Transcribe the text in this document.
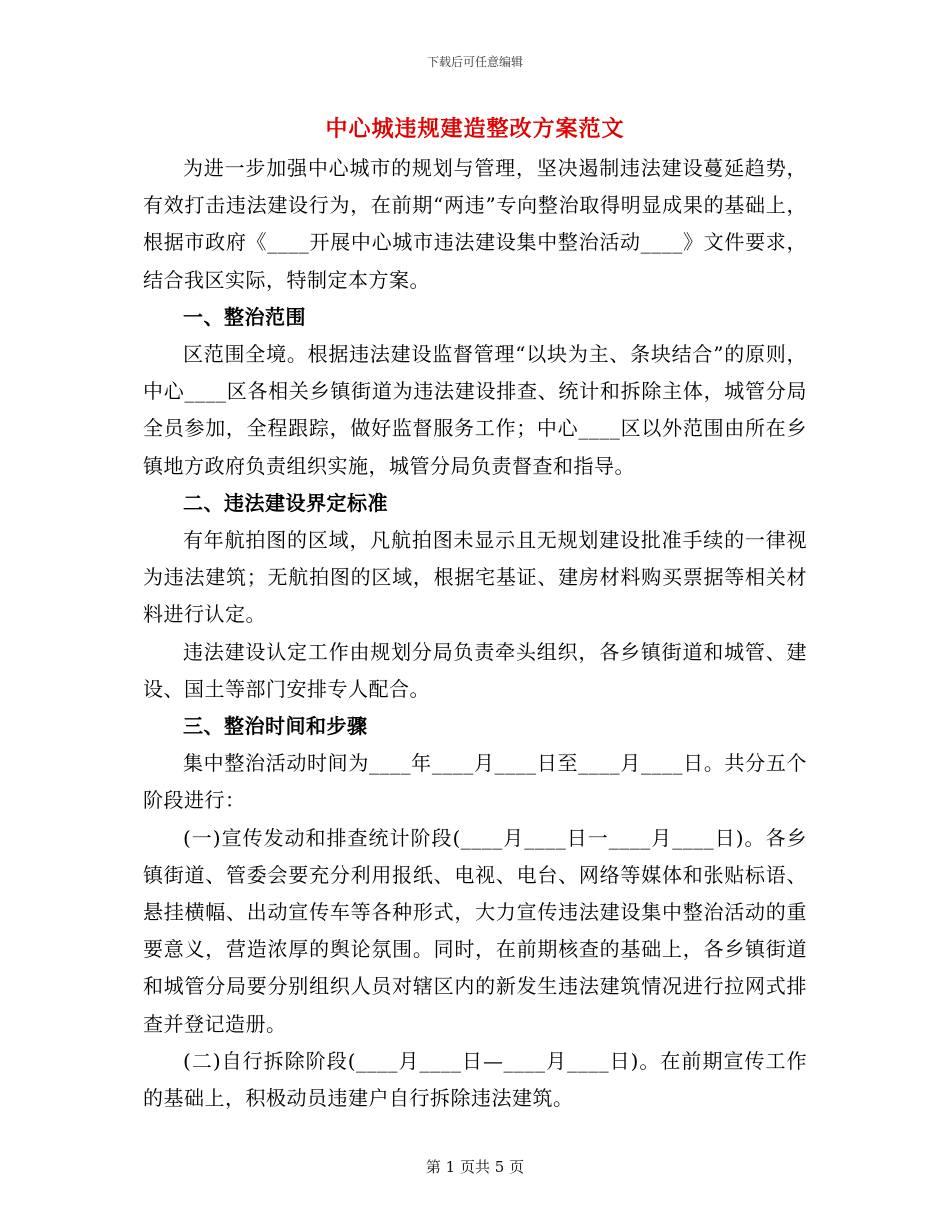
下载后可任意编辑
中心城违规建造整改方案范文

为进一步加强中心城市的规划与管理，坚决遏制违法建设蔓延趋势，有效打击违法建设行为，在前期“两违”专向整治取得明显成果的基础上，根据市政府《____开展中心城市违法建设集中整治活动____》文件要求，结合我区实际，特制定本方案。

一、整治范围

区范围全境。根据违法建设监督管理“以块为主、条块结合”的原则，中心____区各相关乡镇街道为违法建设排查、统计和拆除主体，城管分局全员参加，全程跟踪，做好监督服务工作；中心____区以外范围由所在乡镇地方政府负责组织实施，城管分局负责督查和指导。

二、违法建设界定标准

有年航拍图的区域，凡航拍图未显示且无规划建设批准手续的一律视为违法建筑；无航拍图的区域，根据宅基证、建房材料购买票据等相关材料进行认定。

违法建设认定工作由规划分局负责牵头组织，各乡镇街道和城管、建设、国土等部门安排专人配合。

三、整治时间和步骤

集中整治活动时间为____年____月____日至____月____日。共分五个阶段进行：

(一)宣传发动和排查统计阶段(____月____日一____月____日)。各乡镇街道、管委会要充分利用报纸、电视、电台、网络等媒体和张贴标语、悬挂横幅、出动宣传车等各种形式，大力宣传违法建设集中整治活动的重要意义，营造浓厚的舆论氛围。同时，在前期核查的基础上，各乡镇街道和城管分局要分别组织人员对辖区内的新发生违法建筑情况进行拉网式排查并登记造册。

(二)自行拆除阶段(____月____日—____月____日)。在前期宣传工作的基础上，积极动员违建户自行拆除违法建筑。

第 1 页共 5 页
